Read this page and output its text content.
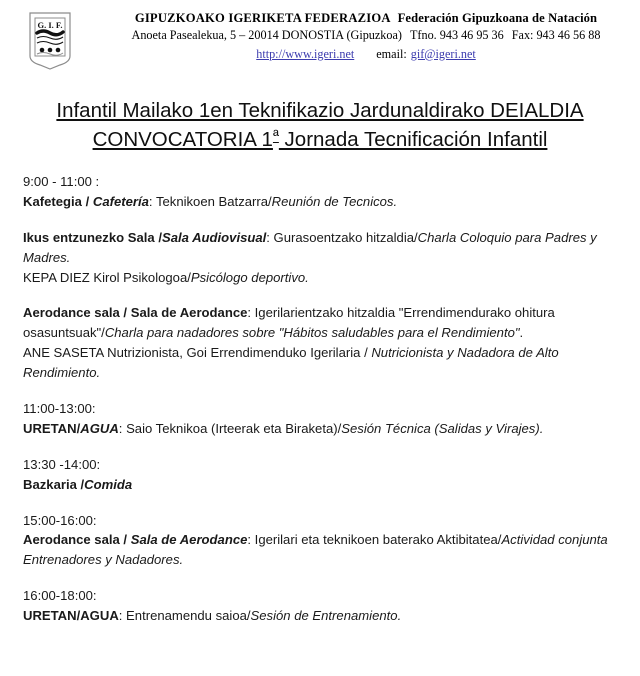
G. I. F.	GIPUZKOAKO IGERIKETA FEDERAZIOA Federación Gipuzkoana de Natación
Anoeta Pasealekua, 5 – 20014 DONOSTIA (Gipuzkoa) Tfno. 943 46 95 36 Fax: 943 46 56 88
http://www.igeri.net email: gif@igeri.net
Infantil Mailako 1en Teknifikazio Jardunaldirako DEIALDIA
CONVOCATORIA $1^ª$ Jornada Tecnificación Infantil

9:00 - 11:00 :

Kafetegia / Cafetería: Teknikoen Batzarra/Reunión de Tecnicos.

Ikus entzunezko Sala /Sala Audiovisual: Gurasoentzako hitzaldia/Charla Coloquio para Padres y Madres.

KEPA DIEZ Kirol Psikologoa/Psicólogo deportivo.

Aerodance sala / Sala de Aerodance: Igerilarientzako hitzaldia "Errendimendurako ohitura osasuntsuak"/Charla para nadadores sobre "Hábitos saludables para el Rendimiento".

ANE SASETA Nutrizionista, Goi Errendimenduko Igerilaria / Nutricionista y Nadadora de Alto Rendimiento.

11:00-13:00:

URETAN/AGUA: Saio Teknikoa (Irteerak eta Biraketa)/Sesión Técnica (Salidas y Virajes).

13:30 -14:00:

Bazkaria /Comida

15:00-16:00:

Aerodance sala / Sala de Aerodance: Igerilari eta teknikoen baterako Aktibitatea/Actividad conjunta Entrenadores y Nadadores.

16:00-18:00:

URETAN/AGUA: Entrenamendu saioa/Sesión de Entrenamiento.
